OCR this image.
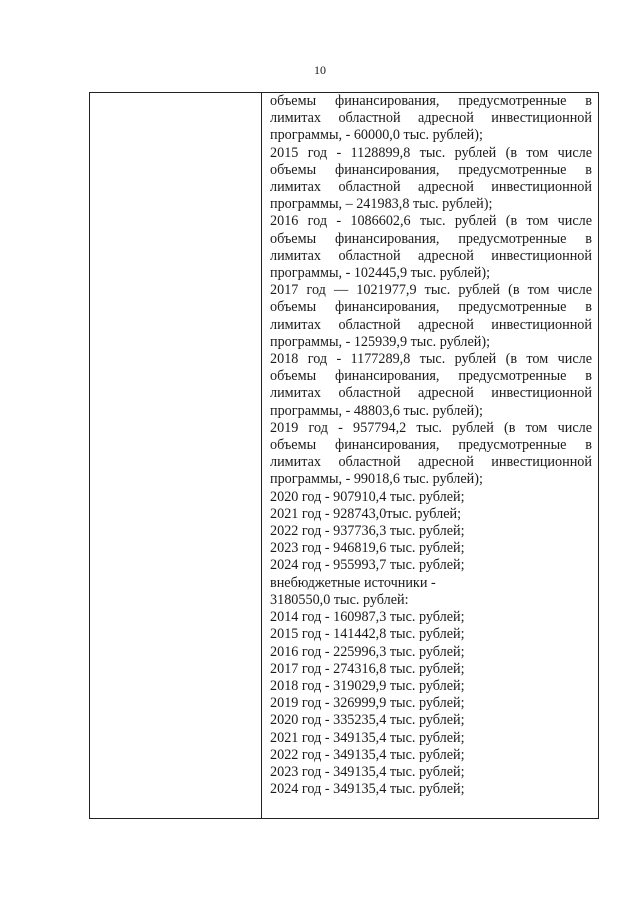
10
объемы финансирования, предусмотренные в
лимитах областной адресной инвестиционной
программы, - 60000,0 тыс. рублей);
2015 год - 1128899,8 тыс. рублей (в том числе
объемы финансирования, предусмотренные в
лимитах областной адресной инвестиционной
программы, – 241983,8 тыс. рублей);
2016 год - 1086602,6 тыс. рублей (в том числе
объемы финансирования, предусмотренные в
лимитах областной адресной инвестиционной
программы, - 102445,9 тыс. рублей);
2017 год — 1021977,9 тыс. рублей (в том числе
объемы финансирования, предусмотренные в
лимитах областной адресной инвестиционной
программы, - 125939,9 тыс. рублей);
2018 год - 1177289,8 тыс. рублей (в том числе
объемы финансирования, предусмотренные в
лимитах областной адресной инвестиционной
программы, - 48803,6 тыс. рублей);
2019 год - 957794,2 тыс. рублей (в том числе
объемы финансирования, предусмотренные в
лимитах областной адресной инвестиционной
программы, - 99018,6 тыс. рублей);
2020 год - 907910,4 тыс. рублей;
2021 год - 928743,0тыс. рублей;
2022 год - 937736,3 тыс. рублей;
2023 год - 946819,6 тыс. рублей;
2024 год - 955993,7 тыс. рублей;
внебюджетные источники -
3180550,0 тыс. рублей:
2014 год - 160987,3 тыс. рублей;
2015 год - 141442,8 тыс. рублей;
2016 год - 225996,3 тыс. рублей;
2017 год - 274316,8 тыс. рублей;
2018 год - 319029,9 тыс. рублей;
2019 год - 326999,9 тыс. рублей;
2020 год - 335235,4 тыс. рублей;
2021 год - 349135,4 тыс. рублей;
2022 год - 349135,4 тыс. рублей;
2023 год - 349135,4 тыс. рублей;
2024 год - 349135,4 тыс. рублей;
